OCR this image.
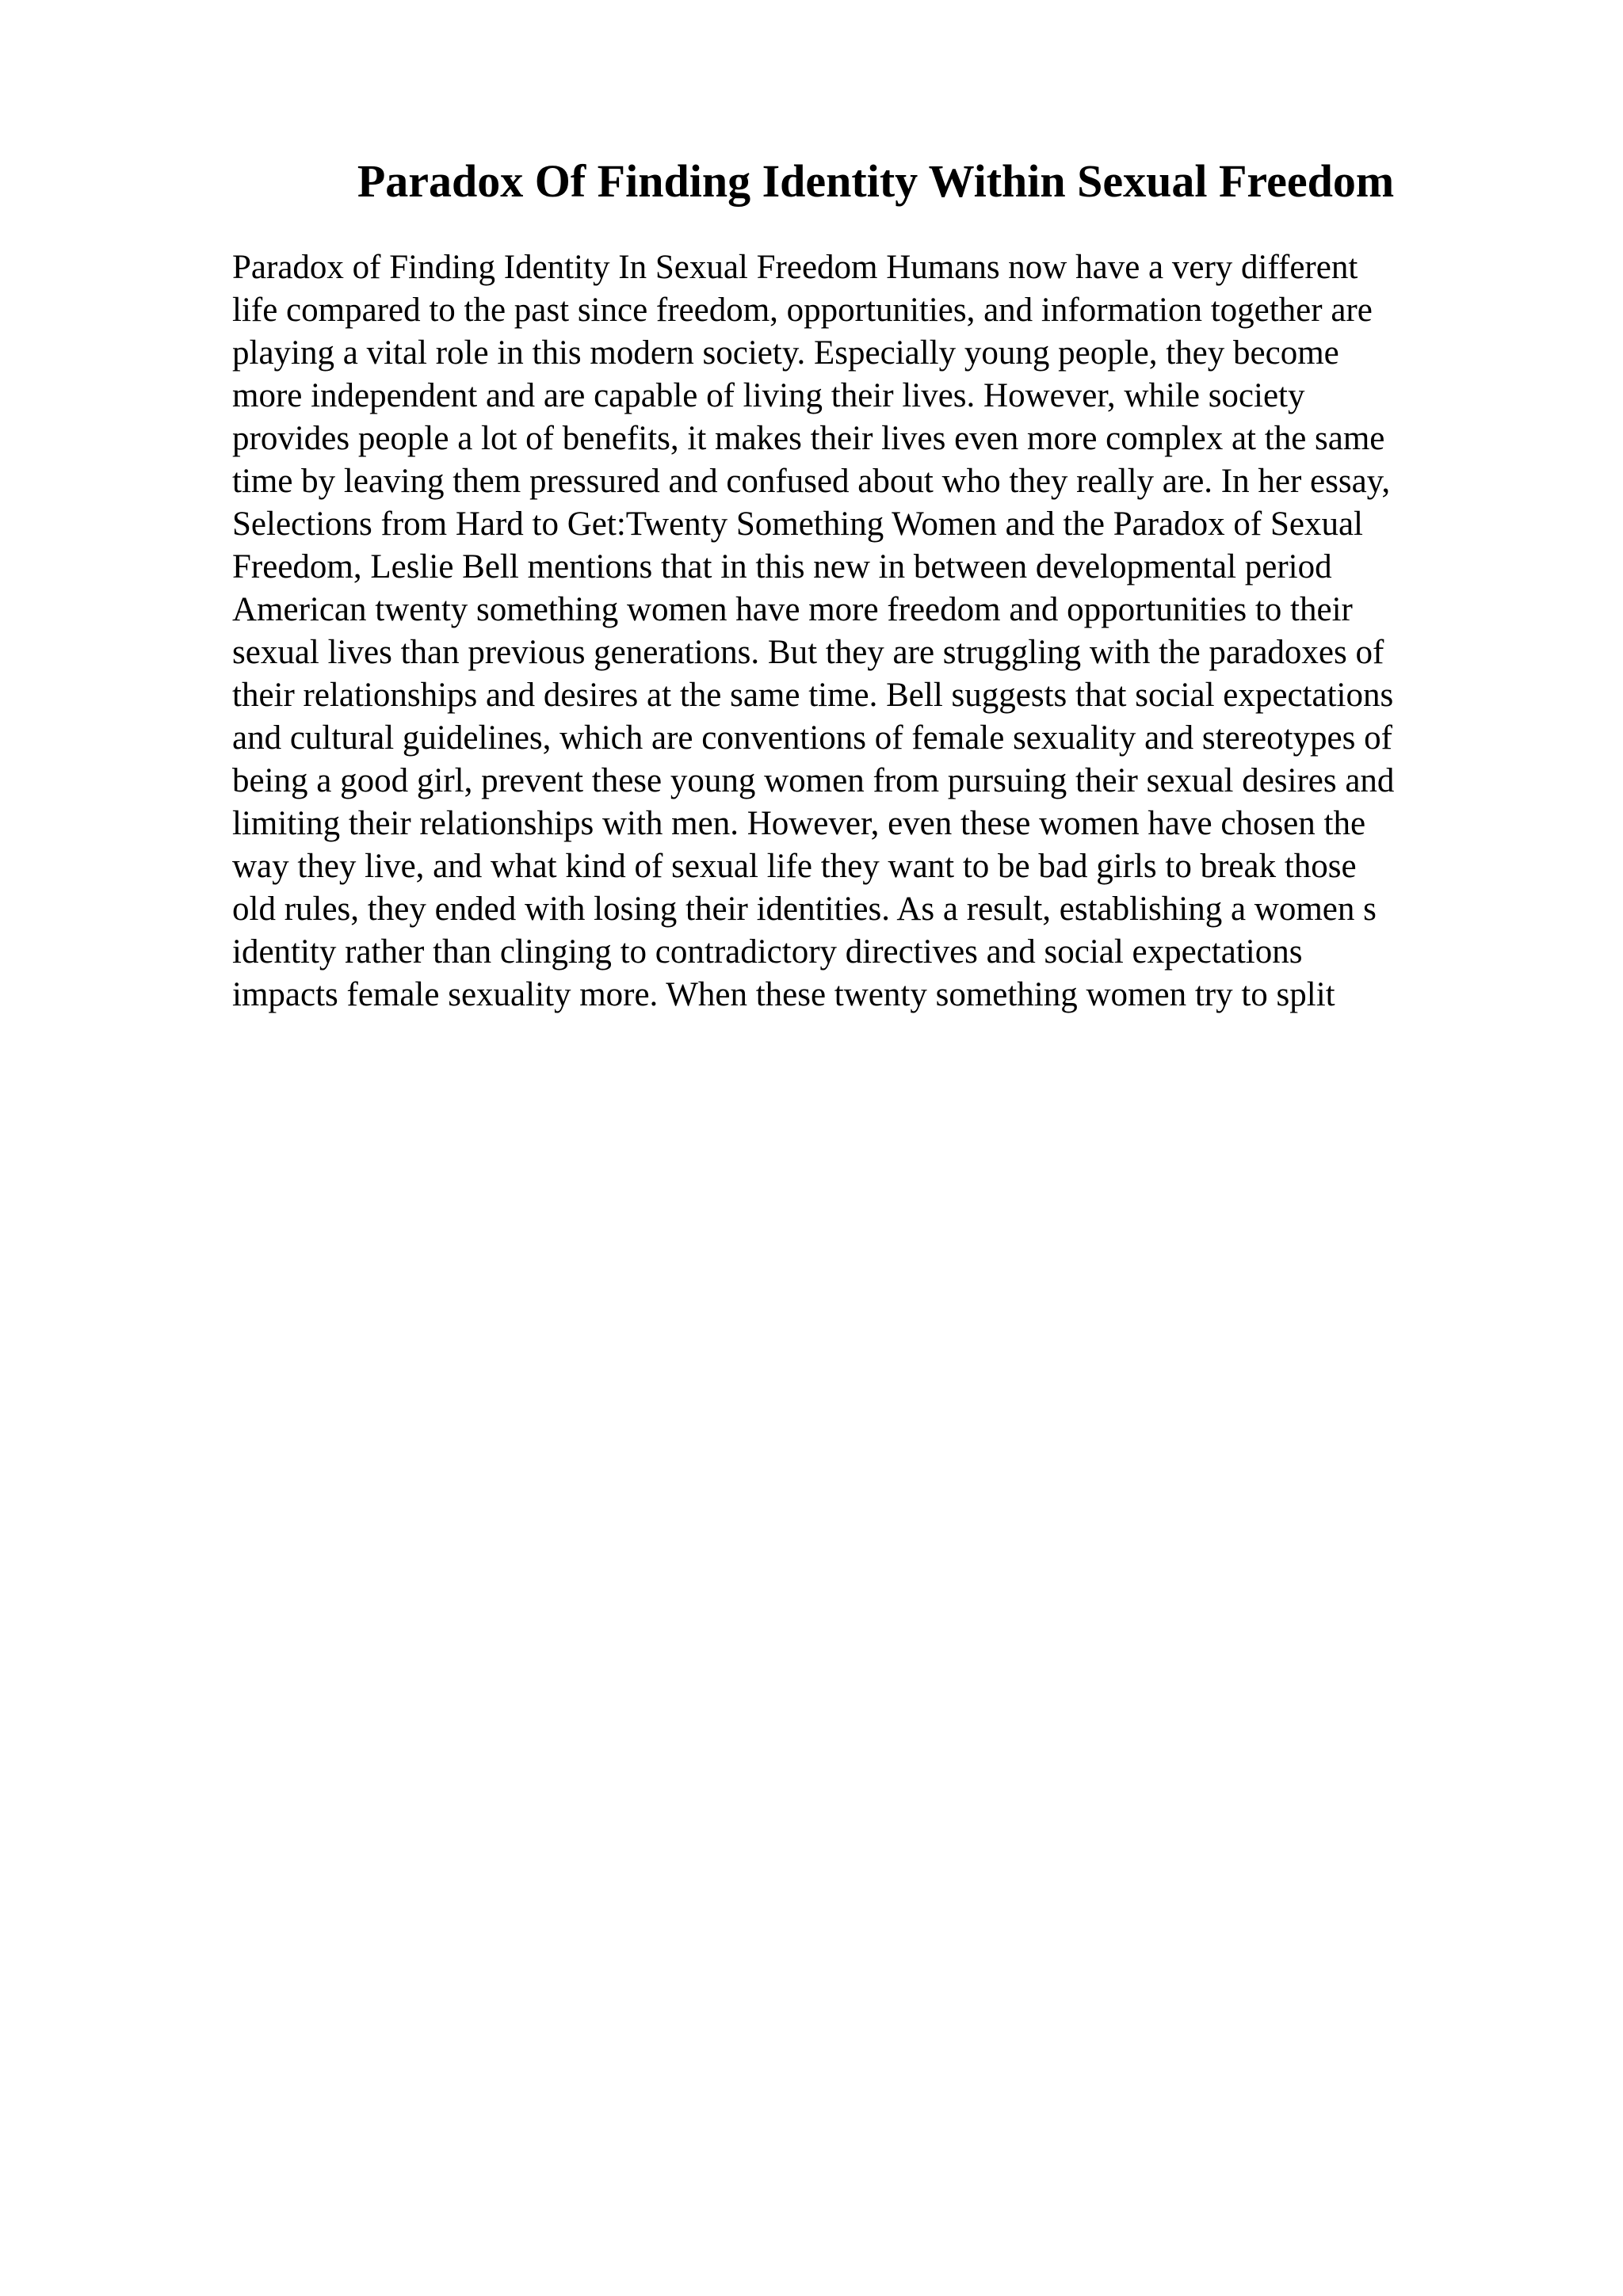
Paradox Of Finding Identity Within Sexual Freedom
Paradox of Finding Identity In Sexual Freedom Humans now have a very different
life compared to the past since freedom, opportunities, and information together are
playing a vital role in this modern society. Especially young people, they become
more independent and are capable of living their lives. However, while society
provides people a lot of benefits, it makes their lives even more complex at the same
time by leaving them pressured and confused about who they really are. In her essay,
Selections from Hard to Get:Twenty Something Women and the Paradox of Sexual
Freedom, Leslie Bell mentions that in this new in between developmental period
American twenty something women have more freedom and opportunities to their
sexual lives than previous generations. But they are struggling with the paradoxes of
their relationships and desires at the same time. Bell suggests that social expectations
and cultural guidelines, which are conventions of female sexuality and stereotypes of
being a good girl, prevent these young women from pursuing their sexual desires and
limiting their relationships with men. However, even these women have chosen the
way they live, and what kind of sexual life they want to be bad girls to break those
old rules, they ended with losing their identities. As a result, establishing a women s
identity rather than clinging to contradictory directives and social expectations
impacts female sexuality more. When these twenty something women try to split
